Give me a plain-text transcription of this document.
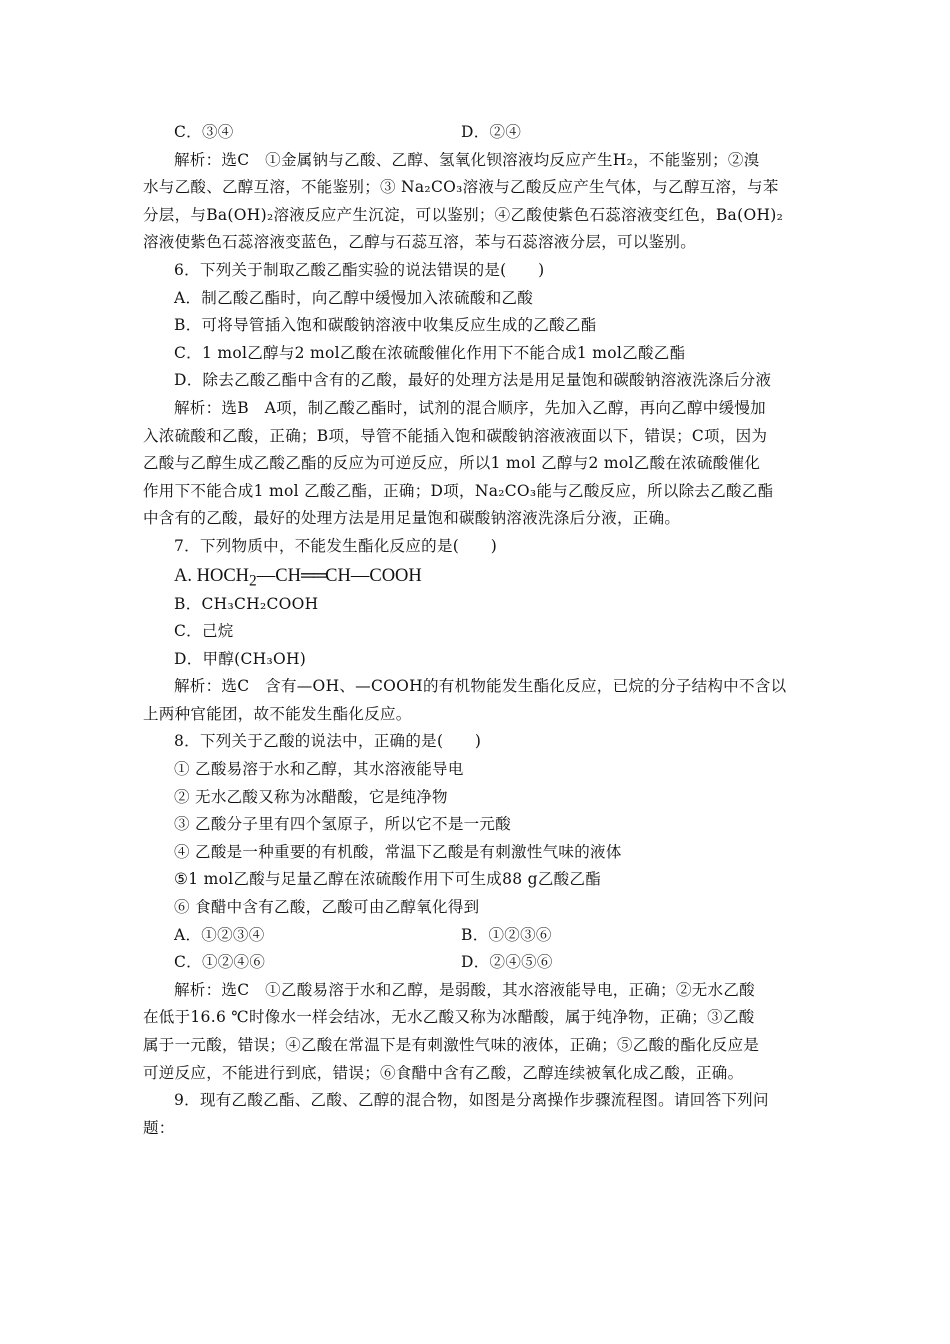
C．③④	D．②④
解析：选C　①金属钠与乙酸、乙醇、氢氧化钡溶液均反应产生H₂，不能鉴别；②溴
水与乙酸、乙醇互溶，不能鉴别；③ Na₂CO₃溶液与乙酸反应产生气体，与乙醇互溶，与苯
分层，与Ba(OH)₂溶液反应产生沉淀，可以鉴别；④乙酸使紫色石蕊溶液变红色，Ba(OH)₂
溶液使紫色石蕊溶液变蓝色，乙醇与石蕊互溶，苯与石蕊溶液分层，可以鉴别。
6．下列关于制取乙酸乙酯实验的说法错误的是(　　)
A．制乙酸乙酯时，向乙醇中缓慢加入浓硫酸和乙酸
B．可将导管插入饱和碳酸钠溶液中收集反应生成的乙酸乙酯
C．1 mol乙醇与2 mol乙酸在浓硫酸催化作用下不能合成1 mol乙酸乙酯
D．除去乙酸乙酯中含有的乙酸，最好的处理方法是用足量饱和碳酸钠溶液洗涤后分液
解析：选B　A项，制乙酸乙酯时，试剂的混合顺序，先加入乙醇，再向乙醇中缓慢加
入浓硫酸和乙酸，正确；B项，导管不能插入饱和碳酸钠溶液液面以下，错误；C项，因为
乙酸与乙醇生成乙酸乙酯的反应为可逆反应，所以1 mol 乙醇与2 mol乙酸在浓硫酸催化
作用下不能合成1 mol 乙酸乙酯，正确；D项，Na₂CO₃能与乙酸反应，所以除去乙酸乙酯
中含有的乙酸，最好的处理方法是用足量饱和碳酸钠溶液洗涤后分液，正确。
7．下列物质中，不能发生酯化反应的是(　　)
A. $HOCH_2—CH══CH—COOH$
B．CH₃CH₂COOH
C．己烷
D．甲醇(CH₃OH)
解析：选C　含有—OH、—COOH的有机物能发生酯化反应，已烷的分子结构中不含以
上两种官能团，故不能发生酯化反应。
8．下列关于乙酸的说法中，正确的是(　　)
① 乙酸易溶于水和乙醇，其水溶液能导电
② 无水乙酸又称为冰醋酸，它是纯净物
③ 乙酸分子里有四个氢原子，所以它不是一元酸
④ 乙酸是一种重要的有机酸，常温下乙酸是有刺激性气味的液体
⑤1 mol乙酸与足量乙醇在浓硫酸作用下可生成88 g乙酸乙酯
⑥ 食醋中含有乙酸，乙酸可由乙醇氧化得到
A．①②③④	B．①②③⑥
C．①②④⑥	D．②④⑤⑥
解析：选C　①乙酸易溶于水和乙醇，是弱酸，其水溶液能导电，正确；②无水乙酸
在低于16.6 ℃时像水一样会结冰，无水乙酸又称为冰醋酸，属于纯净物，正确；③乙酸
属于一元酸，错误；④乙酸在常温下是有刺激性气味的液体，正确；⑤乙酸的酯化反应是
可逆反应，不能进行到底，错误；⑥食醋中含有乙酸，乙醇连续被氧化成乙酸，正确。
9．现有乙酸乙酯、乙酸、乙醇的混合物，如图是分离操作步骤流程图。请回答下列问
题：
